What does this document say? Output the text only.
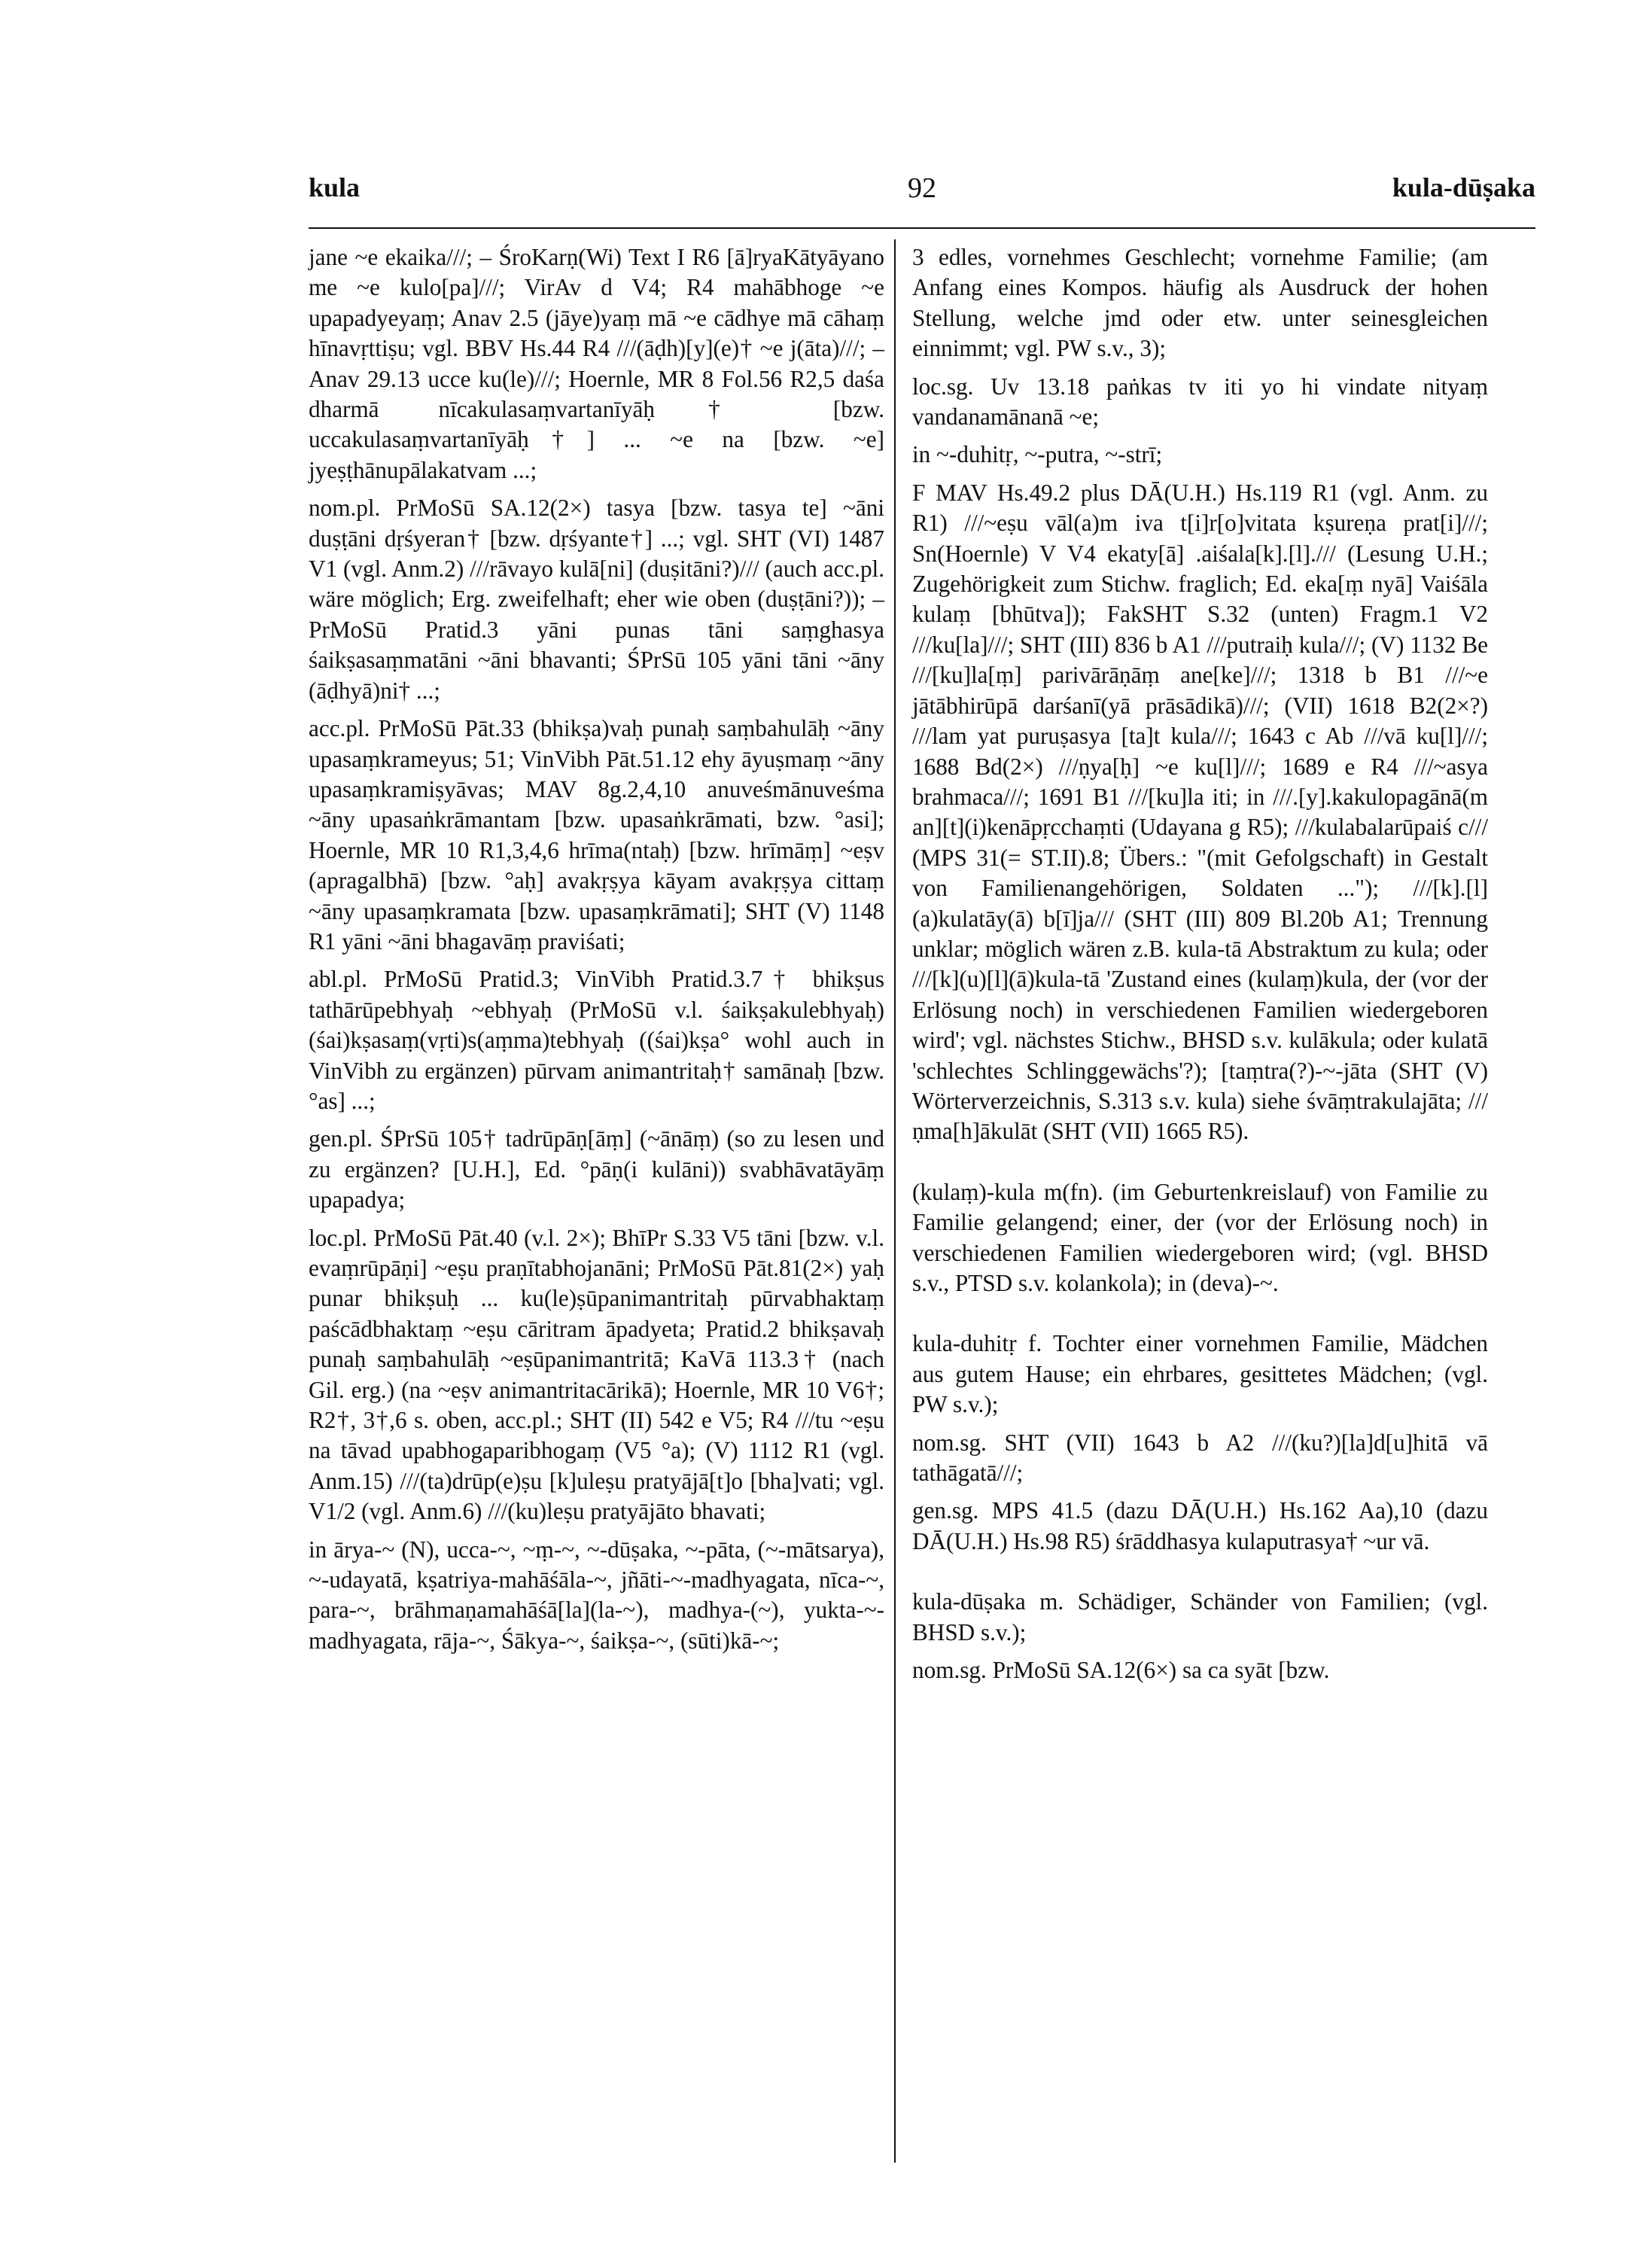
kula	92	kula-dūṣaka

jane ~e ekaika///; – ŚroKarṇ(Wi) Text I R6 [ā]ryaKātyāyano me ~e kulo[pa]///; VirAv d V4; R4 mahābhoge ~e upapadyeyaṃ; Anav 2.5 (jāye)yaṃ mā ~e cādhye mā cāhaṃ hīnavṛttiṣu; vgl. BBV Hs.44 R4 ///(āḍh)[y](e)† ~e j(āta)///; – Anav 29.13 ucce ku(le)///; Hoernle, MR 8 Fol.56 R2,5 daśa dharmā nīcakulasaṃvartanīyāḥ† [bzw. uccakulasaṃvartanīyāḥ†] ... ~e na [bzw. ~e] jyeṣṭhānupālakatvam ...;

nom.pl. PrMoSū SA.12(2×) tasya [bzw. tasya te] ~āni duṣṭāni dṛśyeran† [bzw. dṛśyante†] ...; vgl. SHT (VI) 1487 V1 (vgl. Anm.2) ///rāvayo kulā[ni] (duṣitāni?)/// (auch acc.pl. wäre möglich; Erg. zweifelhaft; eher wie oben (duṣṭāni?)); – PrMoSū Pratid.3 yāni punas tāni saṃghasya śaikṣasaṃmatāni ~āni bhavanti; ŚPrSū 105 yāni tāni ~āny (āḍhyā)ni† ...;

acc.pl. PrMoSū Pāt.33 (bhikṣa)vaḥ punaḥ saṃbahulāḥ ~āny upasaṃkrameyus; 51; VinVibh Pāt.51.12 ehy āyuṣmaṃ ~āny upasaṃkramiṣyāvas; MAV 8g.2,4,10 anuveśmānuveśma ~āny upasaṅkrāmantam [bzw. upasaṅkrāmati, bzw. °asi]; Hoernle, MR 10 R1,3,4,6 hrīma(ntaḥ) [bzw. hrīmāṃ] ~eṣv (apragalbhā) [bzw. °aḥ] avakṛṣya kāyam avakṛṣya cittaṃ ~āny upasaṃkramata [bzw. upasaṃkrāmati]; SHT (V) 1148 R1 yāni ~āni bhagavāṃ praviśati;

abl.pl. PrMoSū Pratid.3; VinVibh Pratid.3.7† bhikṣus tathārūpebhyaḥ ~ebhyaḥ (PrMoSū v.l. śaikṣakulebhyaḥ) (śai)kṣasaṃ(vṛti)s(aṃma)tebhyaḥ ((śai)kṣa° wohl auch in VinVibh zu ergänzen) pūrvam animantritaḥ† samānaḥ [bzw. °as] ...;

gen.pl. ŚPrSū 105† tadrūpāṇ[āṃ] (~ānāṃ) (so zu lesen und zu ergänzen? [U.H.], Ed. °pāṇ(i kulāni)) svabhāvatāyāṃ upapadya;

loc.pl. PrMoSū Pāt.40 (v.l. 2×); BhīPr S.33 V5 tāni [bzw. v.l. evaṃrūpāṇi] ~eṣu praṇītabhojanāni; PrMoSū Pāt.81(2×) yaḥ punar bhikṣuḥ ... ku(le)ṣūpanimantritaḥ pūrvabhaktaṃ paścādbhaktaṃ ~eṣu cāritram āpadyeta; Pratid.2 bhikṣavaḥ punaḥ saṃbahulāḥ ~eṣūpanimantritā; KaVā 113.3† (nach Gil. erg.) (na ~eṣv animantritacārikā); Hoernle, MR 10 V6†; R2†, 3†,6 s. oben, acc.pl.; SHT (II) 542 e V5; R4 ///tu ~eṣu na tāvad upabhogaparibhogaṃ (V5 °a); (V) 1112 R1 (vgl. Anm.15) ///(ta)drūp(e)ṣu [k]uleṣu pratyājā[t]o [bha]vati; vgl. V1/2 (vgl. Anm.6) ///(ku)leṣu pratyājāto bhavati;

in ārya-~ (N), ucca-~, ~ṃ-~, ~-dūṣaka, ~-pāta, (~-mātsarya), ~-udayatā, kṣatriya-mahāśāla-~, jñāti-~-madhyagata, nīca-~, para-~, brāhmaṇamahāśā[la](la-~), madhya-(~), yukta-~-madhyagata, rāja-~, Śākya-~, śaikṣa-~, (sūti)kā-~;

3 edles, vornehmes Geschlecht; vornehme Familie; (am Anfang eines Kompos. häufig als Ausdruck der hohen Stellung, welche jmd oder etw. unter seinesgleichen einnimmt; vgl. PW s.v., 3);

loc.sg. Uv 13.18 paṅkas tv iti yo hi vindate nityaṃ vandanamānanā ~e;

in ~-duhitṛ, ~-putra, ~-strī;

F MAV Hs.49.2 plus DĀ(U.H.) Hs.119 R1 (vgl. Anm. zu R1) ///~eṣu vāl(a)m iva t[i]r[o]vitata kṣureṇa prat[i]///; Sn(Hoernle) V V4 ekaty[ā] .aiśala[k].[l]./// (Lesung U.H.; Zugehörigkeit zum Stichw. fraglich; Ed. eka[ṃ nyā] Vaiśāla kulaṃ [bhūtva]); FakSHT S.32 (unten) Fragm.1 V2 ///ku[la]///; SHT (III) 836 b A1 ///putraiḥ kula///; (V) 1132 Be ///[ku]la[ṃ] parivārāṇāṃ ane[ke]///; 1318 b B1 ///~e jātābhirūpā darśanī(yā prāsādikā)///; (VII) 1618 B2(2×?) ///lam yat puruṣasya [ta]t kula///; 1643 c Ab ///vā ku[l]///; 1688 Bd(2×) ///ṇya[ḥ] ~e ku[l]///; 1689 e R4 ///~asya brahmaca///; 1691 B1 ///[ku]la iti; in ///.[y].kakulopagānā(m an][t](i)kenāpṛcchaṃti (Udayana g R5); ///kulabalarūpaiś c/// (MPS 31(= ST.II).8; Übers.: "(mit Gefolgschaft) in Gestalt von Familienangehörigen, Soldaten ..."); ///[k].[l](a)kulatāy(ā) b[ī]ja/// (SHT (III) 809 Bl.20b A1; Trennung unklar; möglich wären z.B. kula-tā Abstraktum zu kula; oder ///[k](u)[l](ā)kula-tā 'Zustand eines (kulaṃ)kula, der (vor der Erlösung noch) in verschiedenen Familien wiedergeboren wird'; vgl. nächstes Stichw., BHSD s.v. kulākula; oder kulatā 'schlechtes Schlinggewächs'?); [taṃtra(?)-~-jāta (SHT (V) Wörterverzeichnis, S.313 s.v. kula) siehe śvāṃtrakulajāta; ///ṇma[h]ākulāt (SHT (VII) 1665 R5).

(kulaṃ)-kula m(fn). (im Geburtenkreislauf) von Familie zu Familie gelangend; einer, der (vor der Erlösung noch) in verschiedenen Familien wiedergeboren wird; (vgl. BHSD s.v., PTSD s.v. kolankola); in (deva)-~.

kula-duhitṛ f. Tochter einer vornehmen Familie, Mädchen aus gutem Hause; ein ehrbares, gesittetes Mädchen; (vgl. PW s.v.);

nom.sg. SHT (VII) 1643 b A2 ///(ku?)[la]d[u]hitā vā tathāgatā///;

gen.sg. MPS 41.5 (dazu DĀ(U.H.) Hs.162 Aa),10 (dazu DĀ(U.H.) Hs.98 R5) śrāddhasya kulaputrasya† ~ur vā.

kula-dūṣaka m. Schädiger, Schänder von Familien; (vgl. BHSD s.v.);

nom.sg. PrMoSū SA.12(6×) sa ca syāt [bzw.
